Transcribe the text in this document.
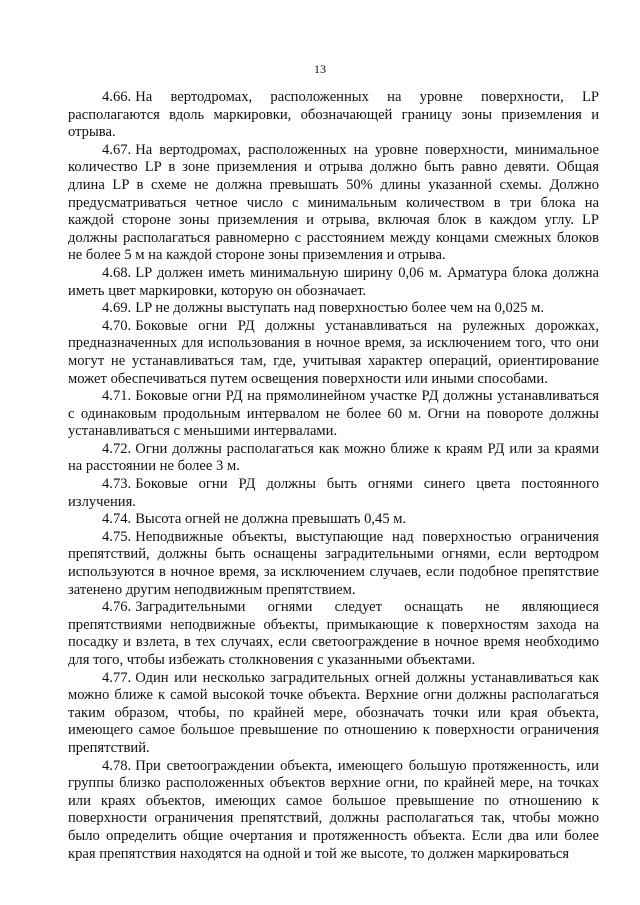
13

4.66. На вертодромах, расположенных на уровне поверхности, LP располагаются вдоль маркировки, обозначающей границу зоны приземления и отрыва.

4.67. На вертодромах, расположенных на уровне поверхности, минимальное количество LP в зоне приземления и отрыва должно быть равно девяти. Общая длина LP в схеме не должна превышать 50% длины указанной схемы. Должно предусматриваться четное число с минимальным количеством в три блока на каждой стороне зоны приземления и отрыва, включая блок в каждом углу. LP должны располагаться равномерно с расстоянием между концами смежных блоков не более 5 м на каждой стороне зоны приземления и отрыва.

4.68. LP должен иметь минимальную ширину 0,06 м. Арматура блока должна иметь цвет маркировки, которую он обозначает.

4.69. LP не должны выступать над поверхностью более чем на 0,025 м.

4.70. Боковые огни РД должны устанавливаться на рулежных дорожках, предназначенных для использования в ночное время, за исключением того, что они могут не устанавливаться там, где, учитывая характер операций, ориентирование может обеспечиваться путем освещения поверхности или иными способами.

4.71. Боковые огни РД на прямолинейном участке РД должны устанавливаться с одинаковым продольным интервалом не более 60 м. Огни на повороте должны устанавливаться с меньшими интервалами.

4.72. Огни должны располагаться как можно ближе к краям РД или за краями на расстоянии не более 3 м.

4.73. Боковые огни РД должны быть огнями синего цвета постоянного излучения.

4.74. Высота огней не должна превышать 0,45 м.

4.75. Неподвижные объекты, выступающие над поверхностью ограничения препятствий, должны быть оснащены заградительными огнями, если вертодром используются в ночное время, за исключением случаев, если подобное препятствие затенено другим неподвижным препятствием.

4.76. Заградительными огнями следует оснащать не являющиеся препятствиями неподвижные объекты, примыкающие к поверхностям захода на посадку и взлета, в тех случаях, если светоограждение в ночное время необходимо для того, чтобы избежать столкновения с указанными объектами.

4.77. Один или несколько заградительных огней должны устанавливаться как можно ближе к самой высокой точке объекта. Верхние огни должны располагаться таким образом, чтобы, по крайней мере, обозначать точки или края объекта, имеющего самое большое превышение по отношению к поверхности ограничения препятствий.

4.78. При светоограждении объекта, имеющего большую протяженность, или группы близко расположенных объектов верхние огни, по крайней мере, на точках или краях объектов, имеющих самое большое превышение по отношению к поверхности ограничения препятствий, должны располагаться так, чтобы можно было определить общие очертания и протяженность объекта. Если два или более края препятствия находятся на одной и той же высоте, то должен маркироваться
